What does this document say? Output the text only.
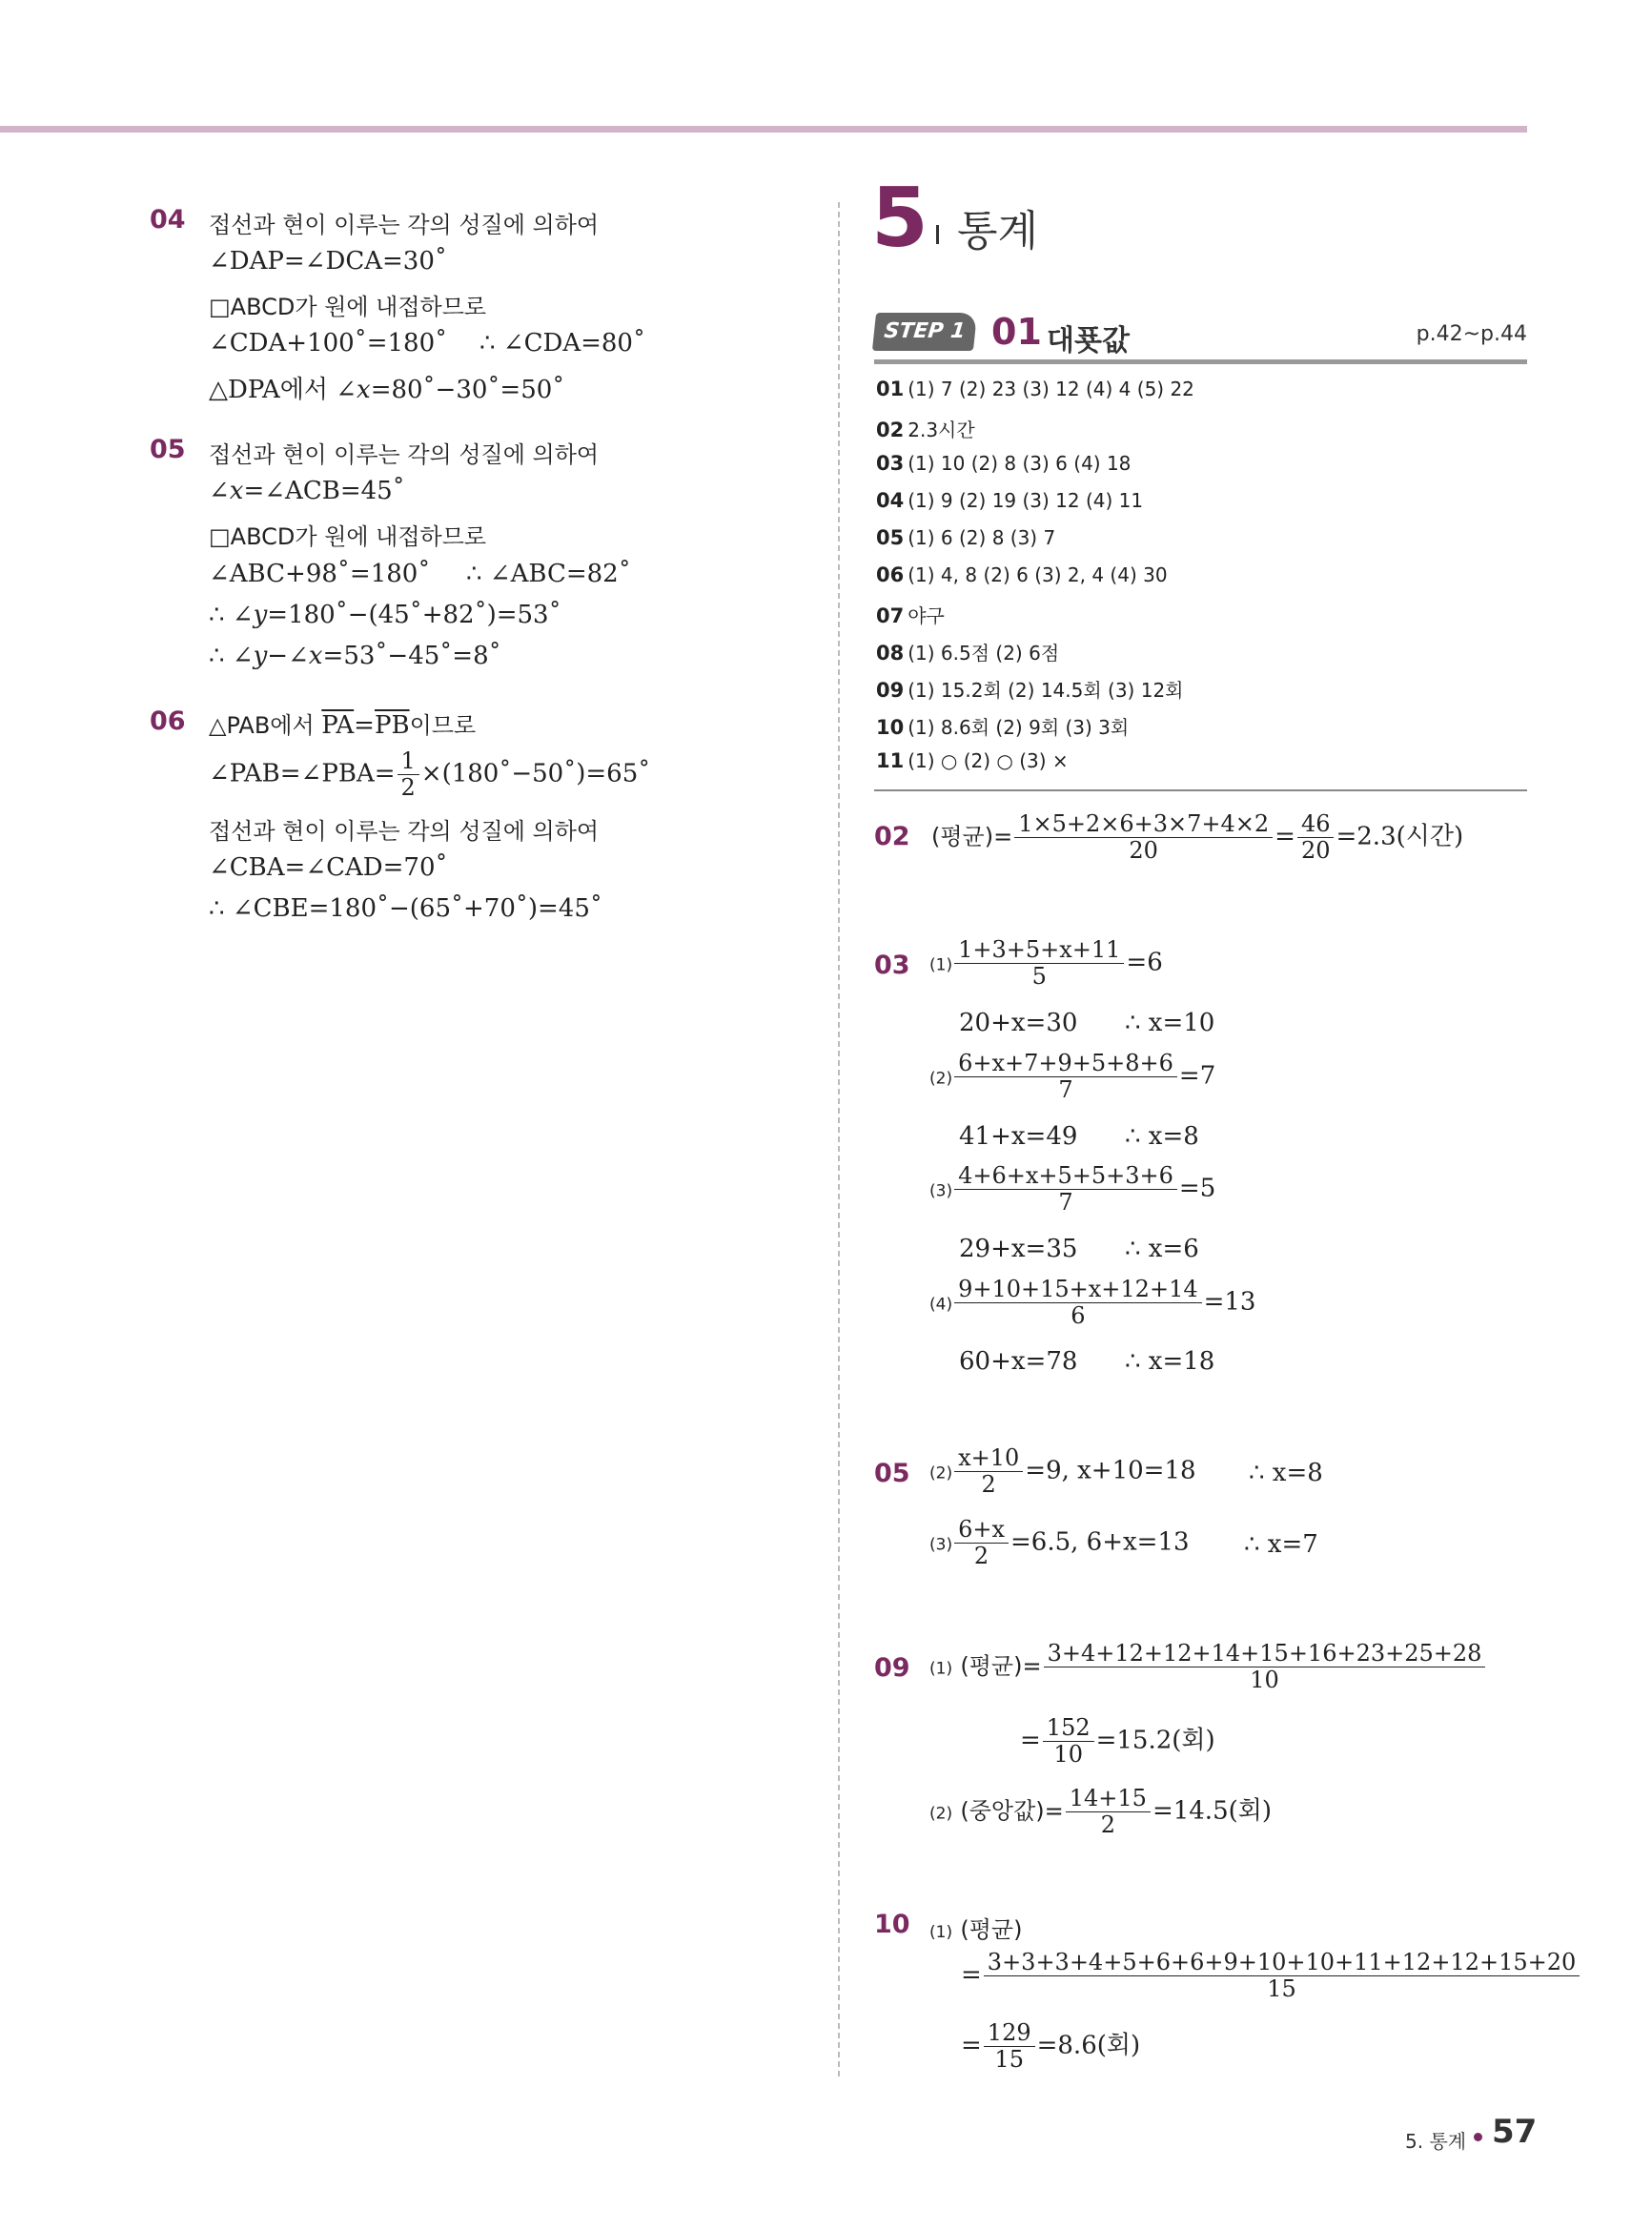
04 접선과 현이 이루는 각의 성질에 의하여
∠DAP=∠DCA=30˚
□ABCD가 원에 내접하므로
∠CDA+100˚=180˚ ∴ ∠CDA=80˚
△DPA에서 ∠x=80˚−30˚=50˚
05 접선과 현이 이루는 각의 성질에 의하여
∠x=∠ACB=45˚
□ABCD가 원에 내접하므로
∠ABC+98˚=180˚ ∴ ∠ABC=82˚
∴ ∠y=180˚−(45˚+82˚)=53˚
∴ ∠y−∠x=53˚−45˚=8˚
06 △PAB에서 $\overline{PA}=\overline{PB}$이므로
∠PAB=∠PBA= $\frac{1}{2}$ ×(180˚−50˚)=65˚
접선과 현이 이루는 각의 성질에 의하여
∠CBA=∠CAD=70˚
∴ ∠CBE=180˚−(65˚+70˚)=45˚
5 통계
STEP 1 01 대푯값	p.42~p.44
01 (1) 7 (2) 23 (3) 12 (4) 4 (5) 22
02 2.3시간
03 (1) 10 (2) 8 (3) 6 (4) 18
04 (1) 9 (2) 19 (3) 12 (4) 11
05 (1) 6 (2) 8 (3) 7
06 (1) 4, 8 (2) 6 (3) 2, 4 (4) 30
07 야구
08 (1) 6.5점 (2) 6점
09 (1) 15.2회 (2) 14.5회 (3) 12회
10 (1) 8.6회 (2) 9회 (3) 3회
11 (1) ○ (2) ○ (3) ×
02 (평균)= $\frac{1\times 5+2\times 6+3\times 7+4\times 2}{20} = \frac{46}{20} =2.3$(시간)
03 $(1) \frac{1+3+5+x+11}{5} =6$
20+x=30 ∴ x=10
$(2) \frac{6+x+7+9+5+8+6}{7} =7$
41+x=49 ∴ x=8
$(3) \frac{4+6+x+5+5+3+6}{7} =5$
29+x=35 ∴ x=6
$(4) \frac{9+10+15+x+12+14}{6} =13$
60+x=78 ∴ x=18
05 $(2) \frac{x+10}{2} =9$, x+10=18 ∴ x=8
$(3) \frac{6+x}{2} =6.5$, 6+x=13 ∴ x=7
09 (1) (평균)= $\frac{3+4+12+12+14+15+16+23+25+28}{10}$
= $\frac{152}{10} =15.2$(회)
(2) (중앙값)= $\frac{14+15}{2} =14.5$(회)
10 (1) (평균)
= $\frac{3+3+3+4+5+6+6+9+10+10+11+12+12+15+20}{15}$
= $\frac{129}{15} =8.6$(회)
5. 통계 57
